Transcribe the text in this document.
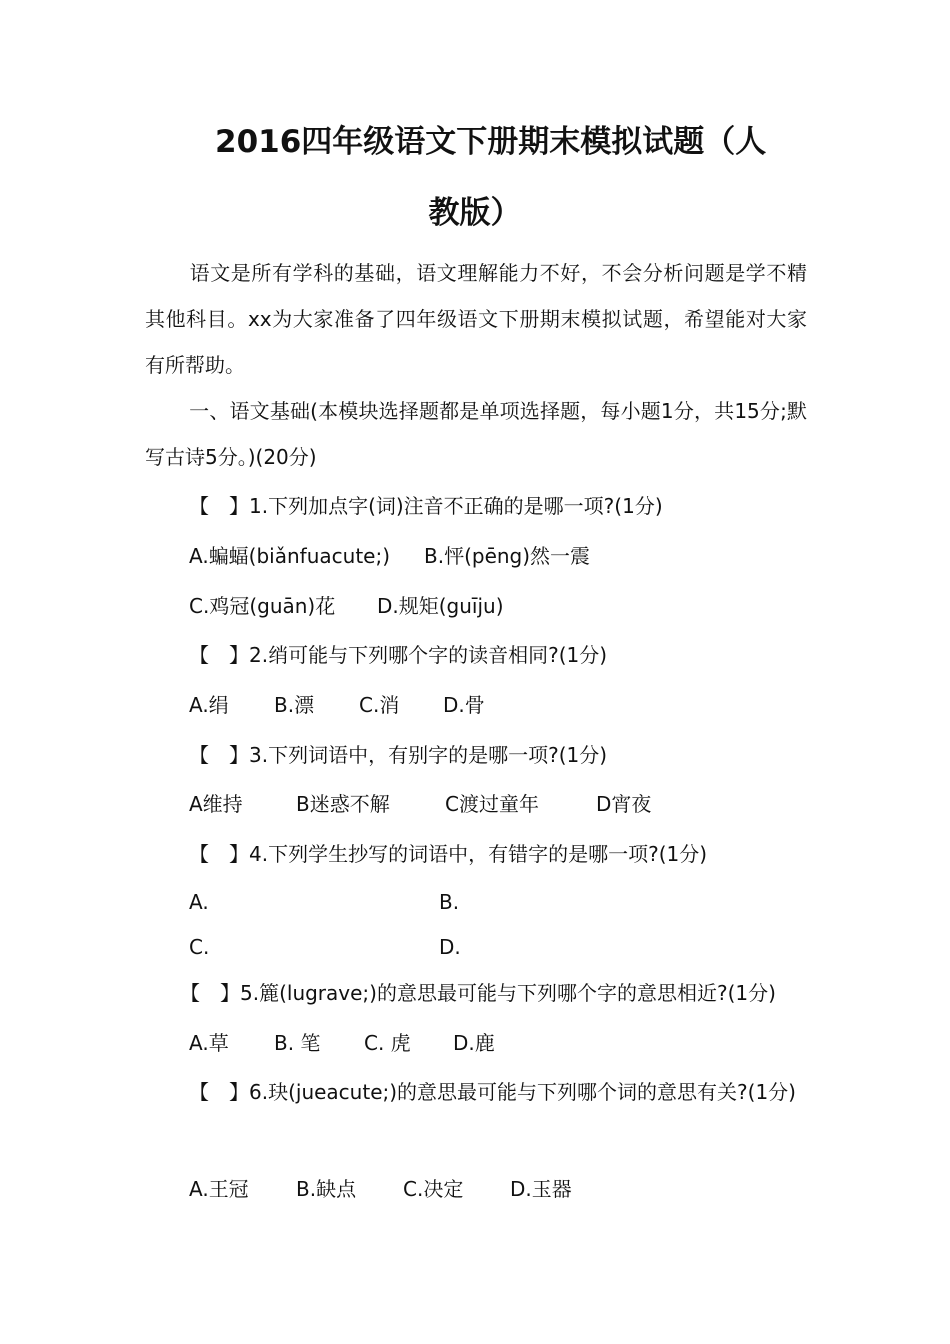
2016四年级语文下册期末模拟试题（人
教版）
语文是所有学科的基础，语文理解能力不好，不会分析问题是学不精其他科目。xx为大家准备了四年级语文下册期末模拟试题，希望能对大家有所帮助。
一、语文基础(本模块选择题都是单项选择题，每小题1分，共15分;默写古诗5分。)(20分)
【　】1.下列加点字(词)注音不正确的是哪一项?(1分)
A.蝙蝠(biǎnfuacute;) B.怦(pēng)然一震
C.鸡冠(guān)花 D.规矩(guīju)
【　】2.绡可能与下列哪个字的读音相同?(1分)
A.绢 B.漂 C.消 D.骨
【　】3.下列词语中，有别字的是哪一项?(1分)
A维持	B迷惑不解	C渡过童年	D宵夜
【　】4.下列学生抄写的词语中，有错字的是哪一项?(1分)
A.	B.
C.	D.
【　】5.簏(lugrave;)的意思最可能与下列哪个字的意思相近?(1分)
A.草 B. 笔 C. 虎 D.鹿
【　】6.玦(jueacute;)的意思最可能与下列哪个词的意思有关?(1分)
A.王冠 B.缺点 C.决定 D.玉器
